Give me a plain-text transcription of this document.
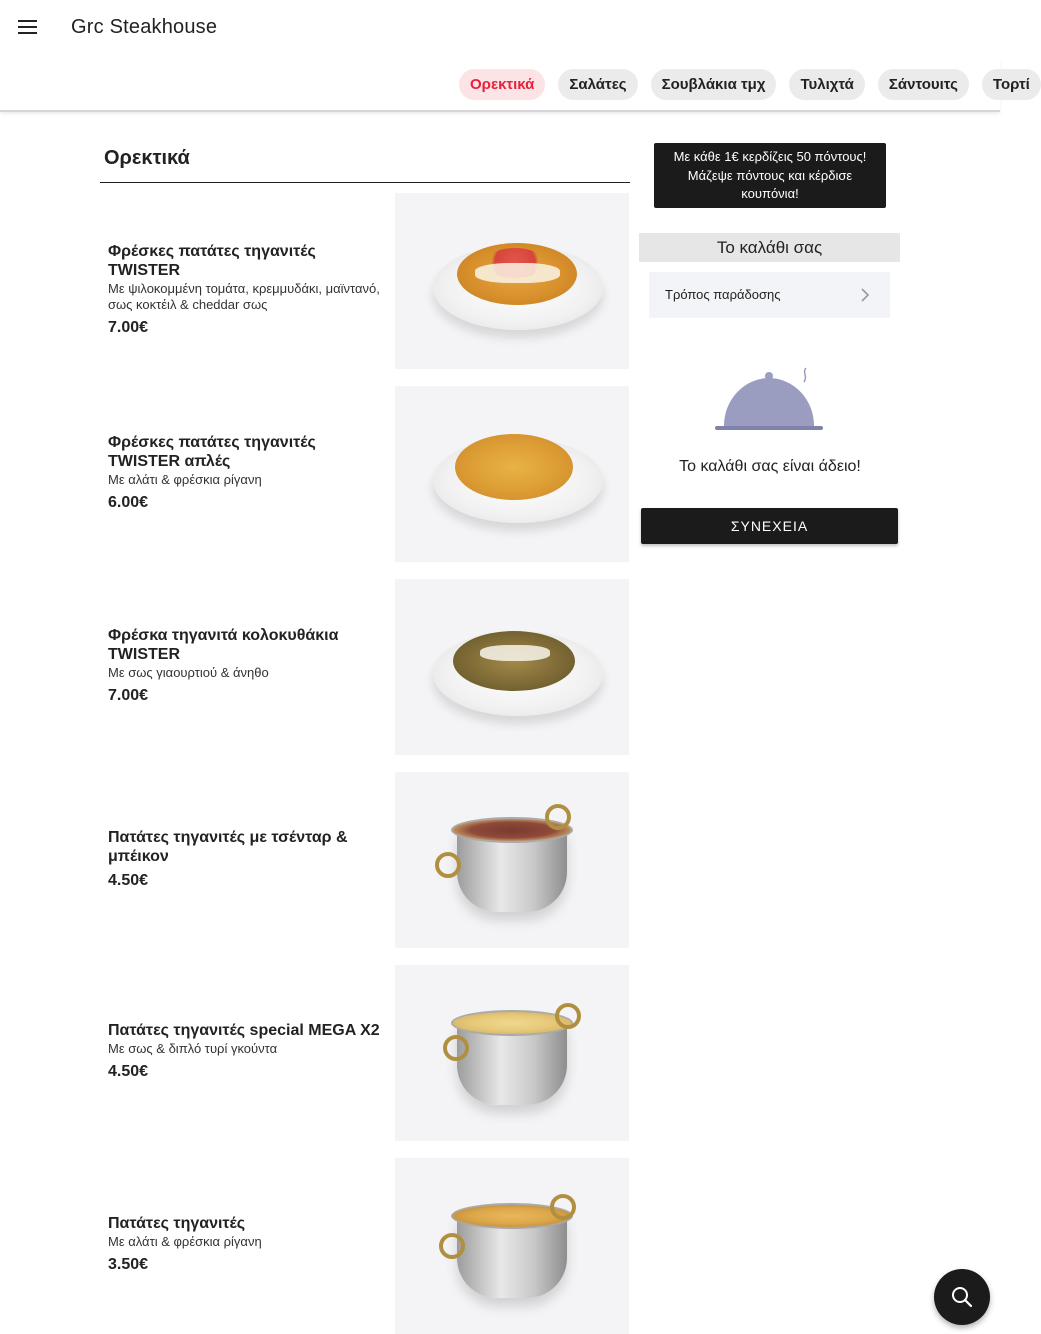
Grc Steakhouse
Ορεκτικά	Σαλάτες	Σουβλάκια τμχ	Τυλιχτά	Σάντουιτς	Τορτί
Ορεκτικά
Φρέσκες πατάτες τηγανιτές TWISTER
Με ψιλοκομμένη τομάτα, κρεμμυδάκι, μαϊντανό, σως κοκτέιλ & cheddar σως
7.00€
Φρέσκες πατάτες τηγανιτές TWISTER απλές
Με αλάτι & φρέσκια ρίγανη
6.00€
Φρέσκα τηγανιτά κολοκυθάκια TWISTER
Με σως γιαουρτιού & άνηθο
7.00€
Πατάτες τηγανιτές με τσένταρ & μπέικον
4.50€
Πατάτες τηγανιτές special MEGA X2
Με σως & διπλό τυρί γκούντα
4.50€
Πατάτες τηγανιτές
Με αλάτι & φρέσκια ρίγανη
3.50€
Με κάθε 1€ κερδίζεις 50 πόντους!
Μάζεψε πόντους και κέρδισε
κουπόνια!
Το καλάθι σας
Τρόπος παράδοσης
Το καλάθι σας είναι άδειο!
ΣΥΝΕΧΕΙΑ
